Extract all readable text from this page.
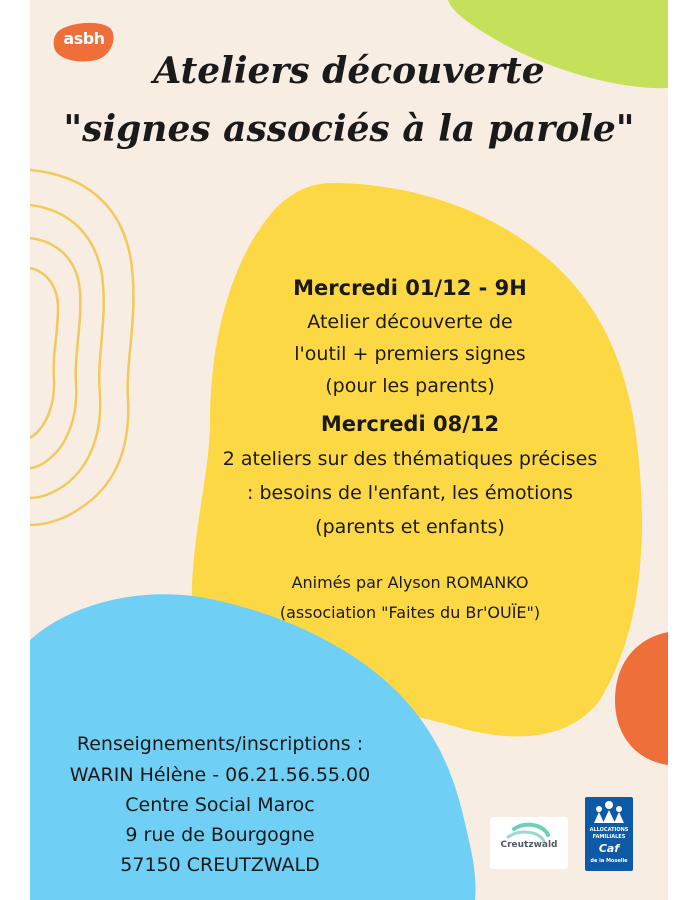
asbh
Ateliers découverte
"signes associés à la parole"
Mercredi 01/12 - 9H
Atelier découverte de
l'outil + premiers signes
(pour les parents)
Mercredi 08/12
2 ateliers sur des thématiques précises
: besoins de l'enfant, les émotions
(parents et enfants)
Animés par Alyson ROMANKO
(association "Faites du Br'OUÏE")
Renseignements/inscriptions :
WARIN Hélène - 06.21.56.55.00
Centre Social Maroc
9 rue de Bourgogne
57150 CREUTZWALD
Creutzwald
ALLOCATIONS
FAMILIALES
Caf
de la Moselle
